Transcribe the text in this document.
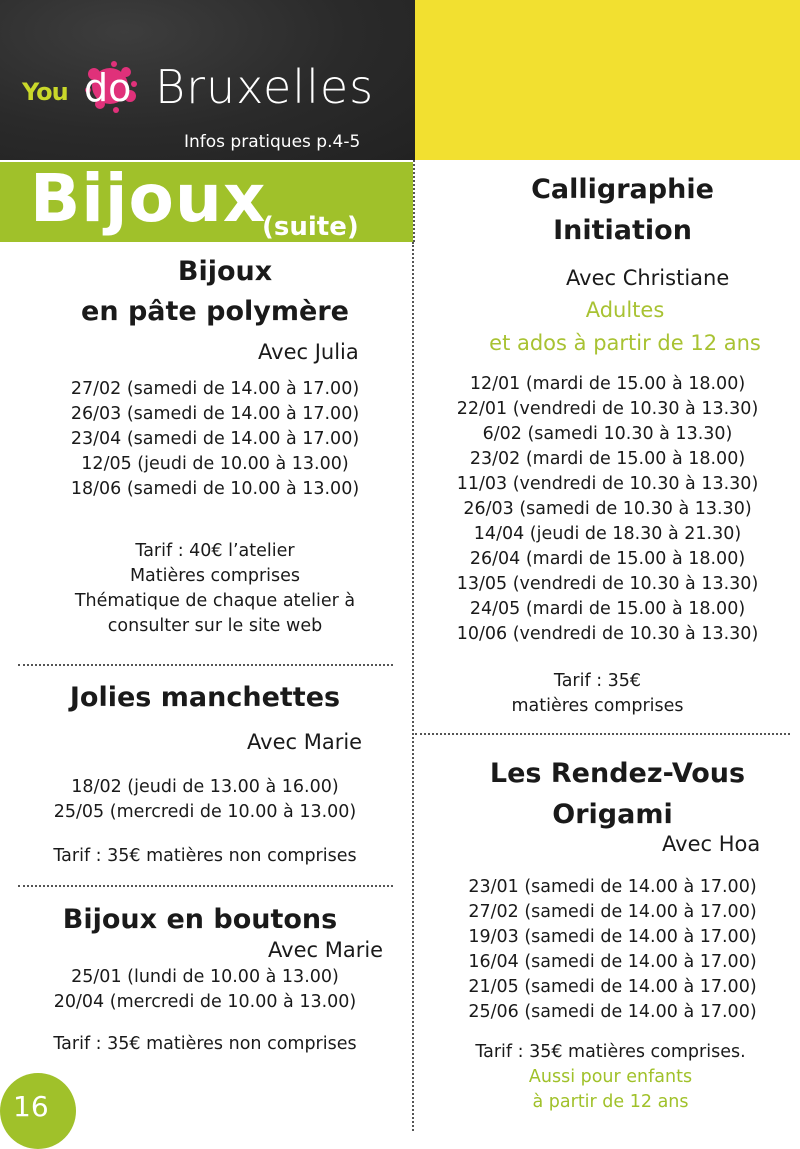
You do Bruxelles
Infos pratiques p.4-5
Bijoux
(suite)
Bijoux
en pâte polymère
Avec Julia
27/02 (samedi de 14.00 à 17.00)
26/03 (samedi de 14.00 à 17.00)
23/04 (samedi de 14.00 à 17.00)
12/05 (jeudi de 10.00 à 13.00)
18/06 (samedi de 10.00 à 13.00)
Tarif : 40€ l’atelier
Matières comprises
Thématique de chaque atelier à
consulter sur le site web
Jolies manchettes
Avec Marie
18/02 (jeudi de 13.00 à 16.00)
25/05 (mercredi de 10.00 à 13.00)
Tarif : 35€ matières non comprises
Bijoux en boutons
Avec Marie
25/01 (lundi de 10.00 à 13.00)
20/04 (mercredi de 10.00 à 13.00)
Tarif : 35€ matières non comprises
Calligraphie
Initiation
Avec Christiane
Adultes
et ados à partir de 12 ans
12/01 (mardi de 15.00 à 18.00)
22/01 (vendredi de 10.30 à 13.30)
6/02 (samedi 10.30 à 13.30)
23/02 (mardi de 15.00 à 18.00)
11/03 (vendredi de 10.30 à 13.30)
26/03 (samedi de 10.30 à 13.30)
14/04 (jeudi de 18.30 à 21.30)
26/04 (mardi de 15.00 à 18.00)
13/05 (vendredi de 10.30 à 13.30)
24/05 (mardi de 15.00 à 18.00)
10/06 (vendredi de 10.30 à 13.30)
Tarif : 35€
matières comprises
Les Rendez-Vous
Origami
Avec Hoa
23/01 (samedi de 14.00 à 17.00)
27/02 (samedi de 14.00 à 17.00)
19/03 (samedi de 14.00 à 17.00)
16/04 (samedi de 14.00 à 17.00)
21/05 (samedi de 14.00 à 17.00)
25/06 (samedi de 14.00 à 17.00)
Tarif : 35€ matières comprises.
Aussi pour enfants
à partir de 12 ans
16
